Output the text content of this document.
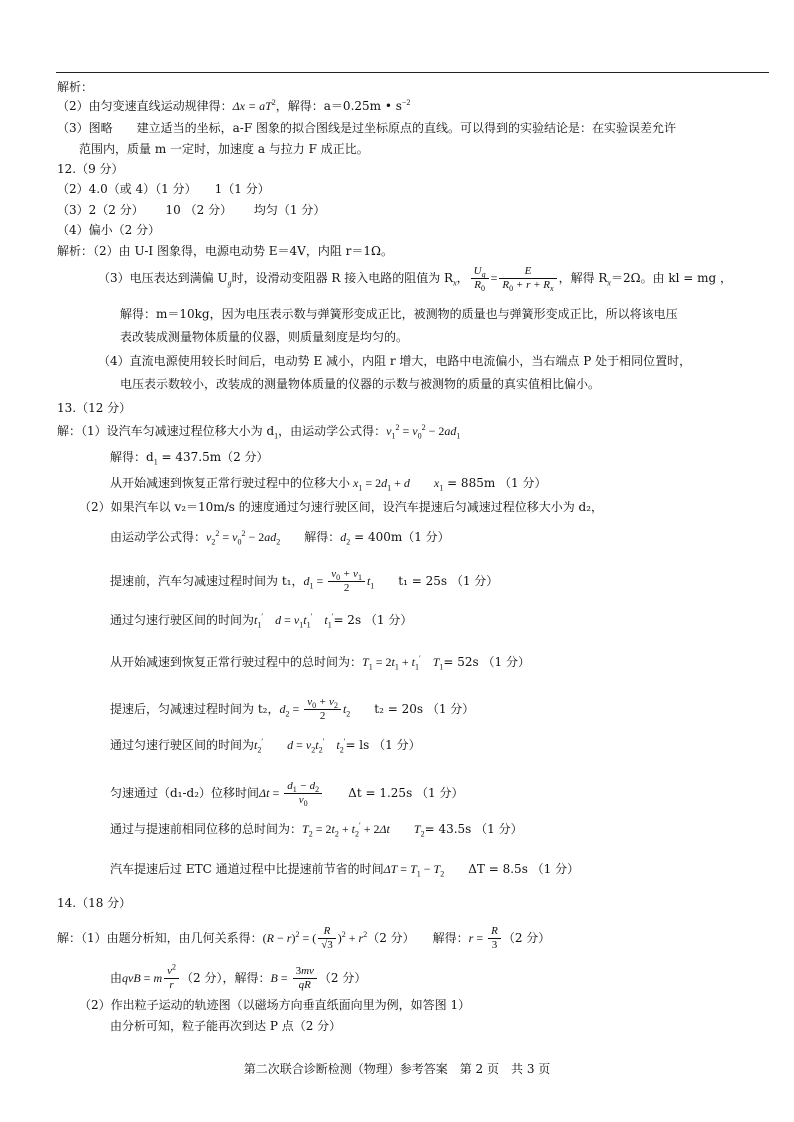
解析：
（2）由匀变速直线运动规律得：$\Delta x = aT^2$，解得：a＝0.25m • $s^{-2}$
（3）图略　　建立适当的坐标，a-F 图象的拟合图线是过坐标原点的直线。可以得到的实验结论是：在实验误差允许
范围内，质量 m 一定时，加速度 a 与拉力 F 成正比。
12.（9 分）
（2）4.0（或 4）（1 分）　　1（1 分）
（3）2（2 分）　　 10 （2 分）　　 均匀（1 分）
（4）偏小（2 分）
解析：（2）由 U-I 图象得，电源电动势 E＝4V，内阻 r＝1Ω。
（3）电压表达到满偏 $U_g$时，设滑动变阻器 R 接入电路的阻值为 $R_x$， $\frac{U_g}{R_0} = \frac{E}{R_0 + r + R_x}$ ，解得 $R_x=2\Omega$。由 kl = mg ，
解得：m＝10kg，因为电压表示数与弹簧形变成正比，被测物的质量也与弹簧形变成正比，所以将该电压
表改装成测量物体质量的仪器，则质量刻度是均匀的。
（4）直流电源使用较长时间后，电动势 E 减小，内阻 r 增大，电路中电流偏小，当右端点 P 处于相同位置时，
电压表示数较小，改装成的测量物体质量的仪器的示数与被测物的质量的真实值相比偏小。
13.（12 分）
解：（1）设汽车匀减速过程位移大小为 $d_1$，由运动学公式得：$v_1^2 = v_0^2 - 2ad_1$
解得：$d_1 = 437.5m(2$ 分）
从开始减速到恢复正常行驶过程中的位移大小 $x_1 = 2d_1 + d$　　 $x_1 = 885m$ （1 分）
（2）如果汽车以 v₂＝10m/s 的速度通过匀速行驶区间，设汽车提速后匀减速过程位移大小为 d₂，
由运动学公式得：$v_2^2 = v_0^2 - 2ad_2$　　 解得：$d_2 = 400m(1$ 分）
提速前，汽车匀减速过程时间为 t₁，$d_1 = \frac{v_0 + v_1}{2} t_1$　　 t₁ = 25s （1 分）
通过匀速行驶区间的时间为$t_1'$　 $d = v_1t_1'$　 $t_1'= 2s$ （1 分）
从开始减速到恢复正常行驶过程中的总时间为：$T_1 = 2t_1 + t_1'$　 $T_1= 52s$ （1 分）
提速后，匀减速过程时间为 t₂，$d_2 = \frac{v_0 + v_2}{2} t_2$　　 t₂ = 20s （1 分）
通过匀速行驶区间的时间为$t_2'$　　 $d = v_2t_2'$　 $t_2'=$ ls （1 分）
匀速通过（d₁-d₂）位移时间$\Delta t = \frac{d_1 - d_2}{v_0}$
　　 Δt = 1.25s （1 分）
通过与提速前相同位移的总时间为：$T_2 = 2t_2 + t_2' + 2\Delta t$　　 $T_2= 43.5s$ （1 分）
汽车提速后过 ETC 通道过程中比提速前节省的时间$\Delta T = T_1 - T_2$　　 ΔT = 8.5s （1 分）
14.（18 分）
解：（1）由题分析知，由几何关系得：$(R - r)^2$ = ( $\frac{R}{√3} )^2 + r^2(2$ 分）　　解得：$r = \frac{R}{3} (2$ 分）
由qvB = m $\frac{v^2}{r} (2$ 分），解得：$B = \frac{3mv}{qR} (2$ 分）
（2）作出粒子运动的轨迹图（以磁场方向垂直纸面向里为例，如答图 1）
由分析可知，粒子能再次到达 P 点（2 分）
第二次联合诊断检测（物理）参考答案　第 2 页　共 3 页
